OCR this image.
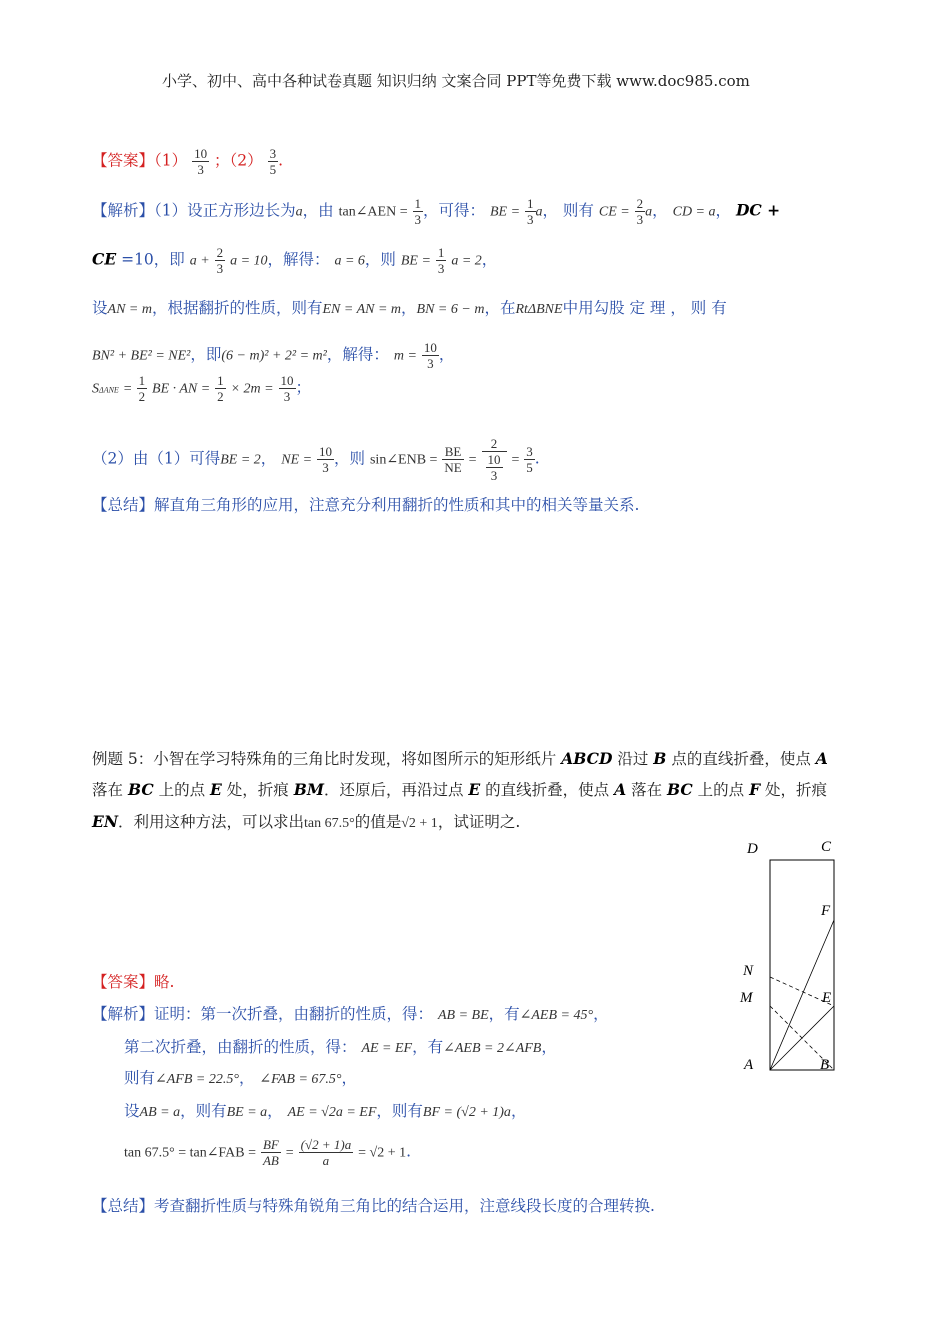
小学、初中、高中各种试卷真题 知识归纳 文案合同 PPT等免费下载 www.doc985.com
【答案】$(1) \frac{10}{3}$ ；$(2) \frac{3}{5}$ .
【解析】（1）设正方形边长为a，由 tan∠AEN = $\frac{1}{3}$ ，可得： BE = $\frac{1}{3}$ a， 则有 CE = $\frac{2}{3}$ a， CD = a， DC +
CE =10，即 $a + \frac{2}{3}$ a = 10，解得： a = 6，则 BE = $\frac{1}{3}$ a = 2，
设AN = m，根据翻折的性质，则有EN = AN = m，BN = 6 − m，在RtΔBNE中用勾股 定 理 ， 则 有
BN² + BE² = NE²，即(6 − m)² + 2² = m²，解得： $m = \frac{10}{3}$ ，
$S\Delta ANE = \frac{1}{2}$ BE · AN = $\frac{1}{2} \times 2m = \frac{10}{3}$ ；
（2）由（1）可得BE = 2， NE = $\frac{10}{3}$ ，则 sin∠ENB = $\frac{BE}{NE} = 2$
10
$3 = \frac{3}{5}$ .
【总结】解直角三角形的应用，注意充分利用翻折的性质和其中的相关等量关系.
例题 5：小智在学习特殊角的三角比时发现，将如图所示的矩形纸片 ABCD 沿过 B 点的直线折叠，使点 A
落在 BC 上的点 E 处，折痕 BM．还原后，再沿过点 E 的直线折叠，使点 A 落在 BC 上的点 F 处，折痕
EN．利用这种方法，可以求出tan 67.5°的值是√2 + 1，试证明之.
D	C
F
N
M	E
A	B
【答案】略.
【解析】证明：第一次折叠，由翻折的性质，得： AB = BE，有∠AEB = 45°，
第二次折叠，由翻折的性质，得： AE = EF，有∠AEB = 2∠AFB，
则有∠AFB = 22.5°， ∠FAB = 67.5°，
设AB = a，则有BE = a， AE = √2a = EF，则有BF = (√2 + 1)a，
tan 67.5° = tan∠FAB = $\frac{BF}{AB} = \frac{(√2 + 1)a}{a} = √2 + 1$.
【总结】考查翻折性质与特殊角锐角三角比的结合运用，注意线段长度的合理转换.
